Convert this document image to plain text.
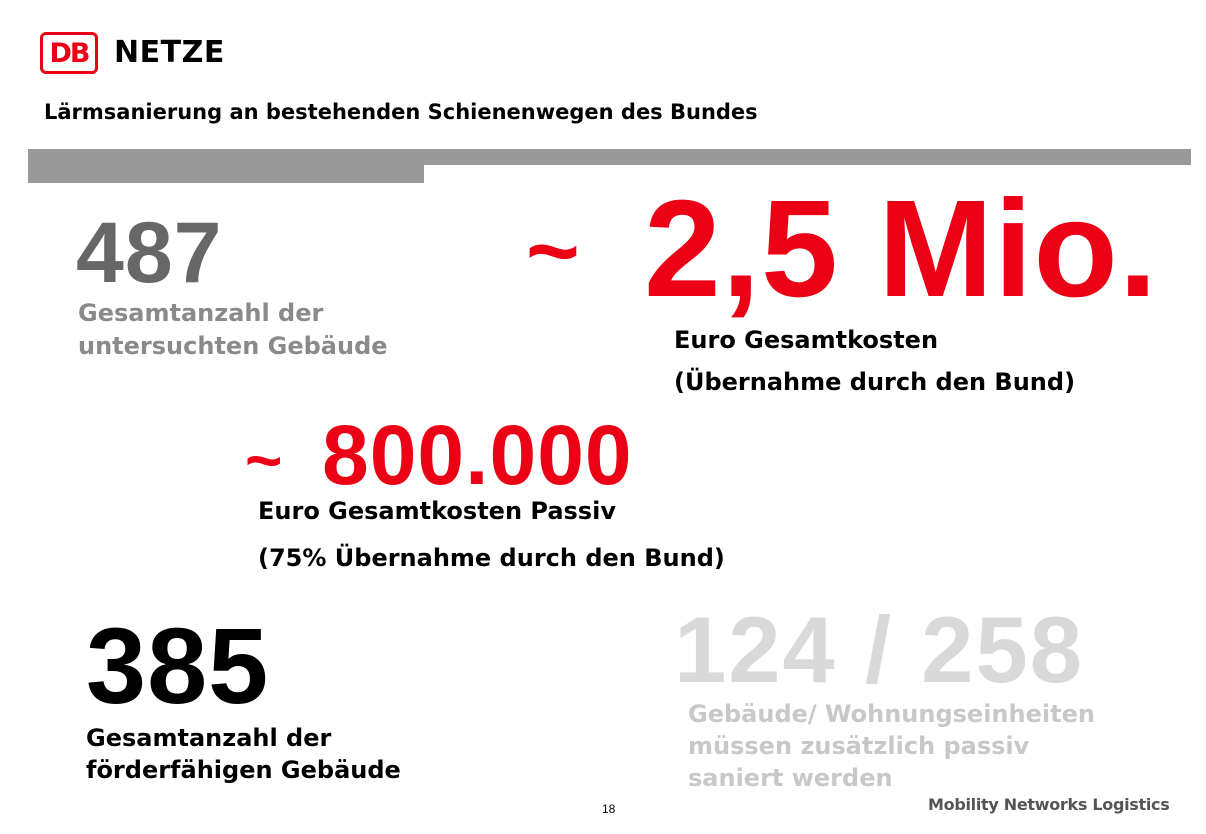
DB NETZE
Lärmsanierung an bestehenden Schienenwegen des Bundes
487
Gesamtanzahl der
untersuchten Gebäude
~ 2,5 Mio.
Euro Gesamtkosten
(Übernahme durch den Bund)
~ 800.000
Euro Gesamtkosten Passiv
(75% Übernahme durch den Bund)
385
Gesamtanzahl der
förderfähigen Gebäude
124 / 258
Gebäude/ Wohnungseinheiten
müssen zusätzlich passiv
saniert werden
18	Mobility Networks Logistics
